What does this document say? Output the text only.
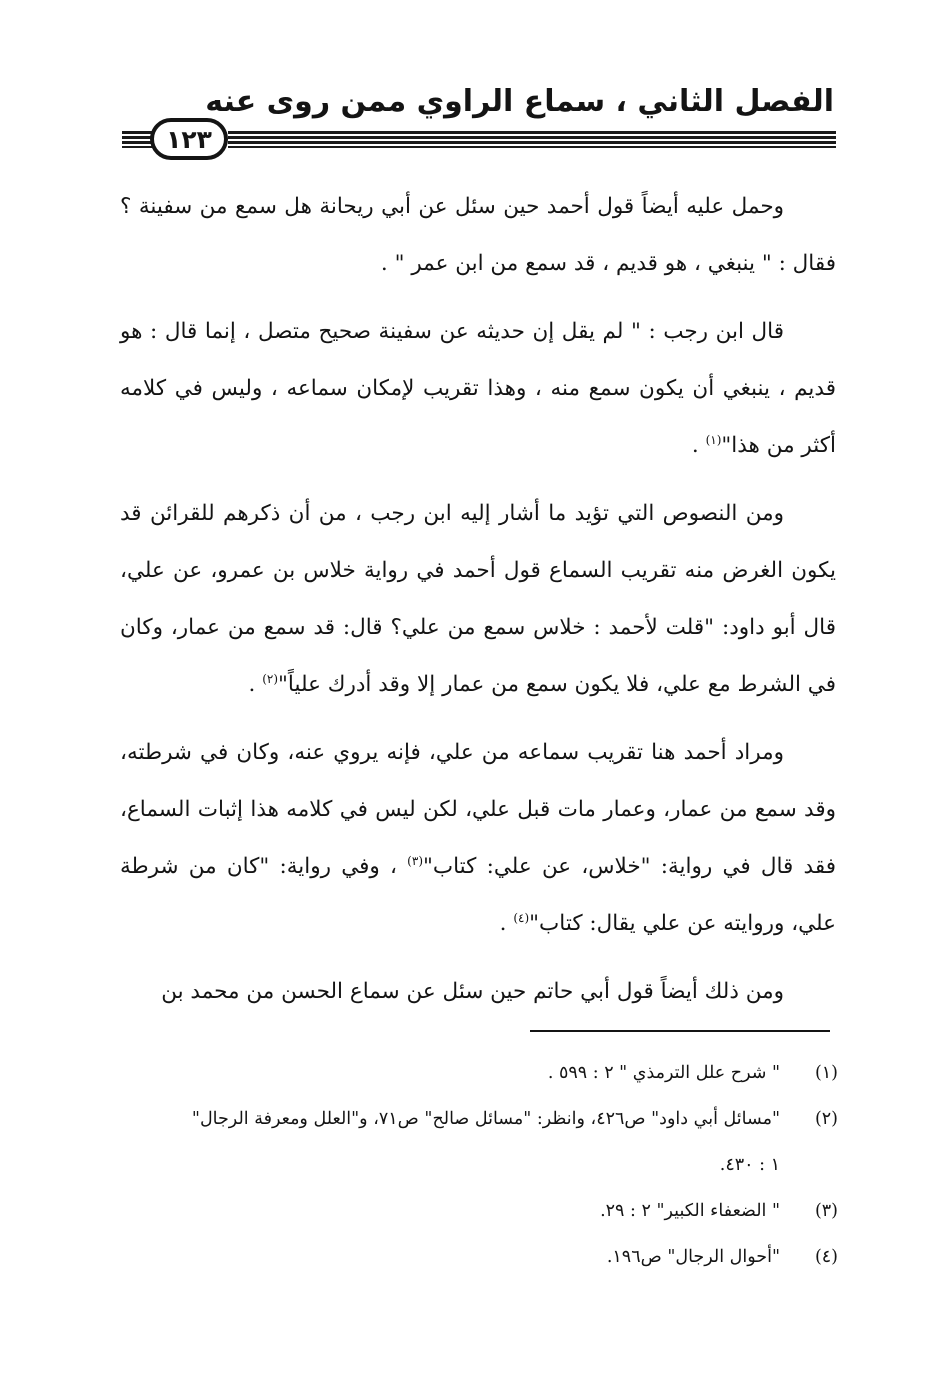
الفصل الثاني ، سماع الراوي ممن روى عنه
١٢٣

وحمل عليه أيضاً قول أحمد حين سئل عن أبي ريحانة هل سمع من سفينة ؟ فقال : " ينبغي ، هو قديم ، قد سمع من ابن عمر " .

قال ابن رجب : " لم يقل إن حديثه عن سفينة صحيح متصل ، إنما قال : هو قديم ، ينبغي أن يكون سمع منه ، وهذا تقريب لإمكان سماعه ، وليس في كلامه أكثر من هذا"$^{(١)}$ .

ومن النصوص التي تؤيد ما أشار إليه ابن رجب ، من أن ذكرهم للقرائن قد يكون الغرض منه تقريب السماع قول أحمد في رواية خلاس بن عمرو، عن علي، قال أبو داود: "قلت لأحمد : خلاس سمع من علي؟ قال: قد سمع من عمار، وكان في الشرط مع علي، فلا يكون سمع من عمار إلا وقد أدرك علياً"$^{(٢)}$ .

ومراد أحمد هنا تقريب سماعه من علي، فإنه يروي عنه، وكان في شرطته، وقد سمع من عمار، وعمار مات قبل علي، لكن ليس في كلامه هذا إثبات السماع، فقد قال في رواية: "خلاس، عن علي: كتاب"$^{(٣)}$ ، وفي رواية: "كان من شرطة علي، وروايته عن علي يقال: كتاب"$^{(٤)}$ .

ومن ذلك أيضاً قول أبي حاتم حين سئل عن سماع الحسن من محمد بن

(١)
" شرح علل الترمذي " ٢ : ٥٩٩ .
(٢)
"مسائل أبي داود" ص٤٢٦، وانظر: "مسائل صالح" ص٧١، و"العلل ومعرفة الرجال"
١ : ٤٣٠.
(٣)
" الضعفاء الكبير" ٢ : ٢٩.
(٤)
"أحوال الرجال" ص١٩٦.
